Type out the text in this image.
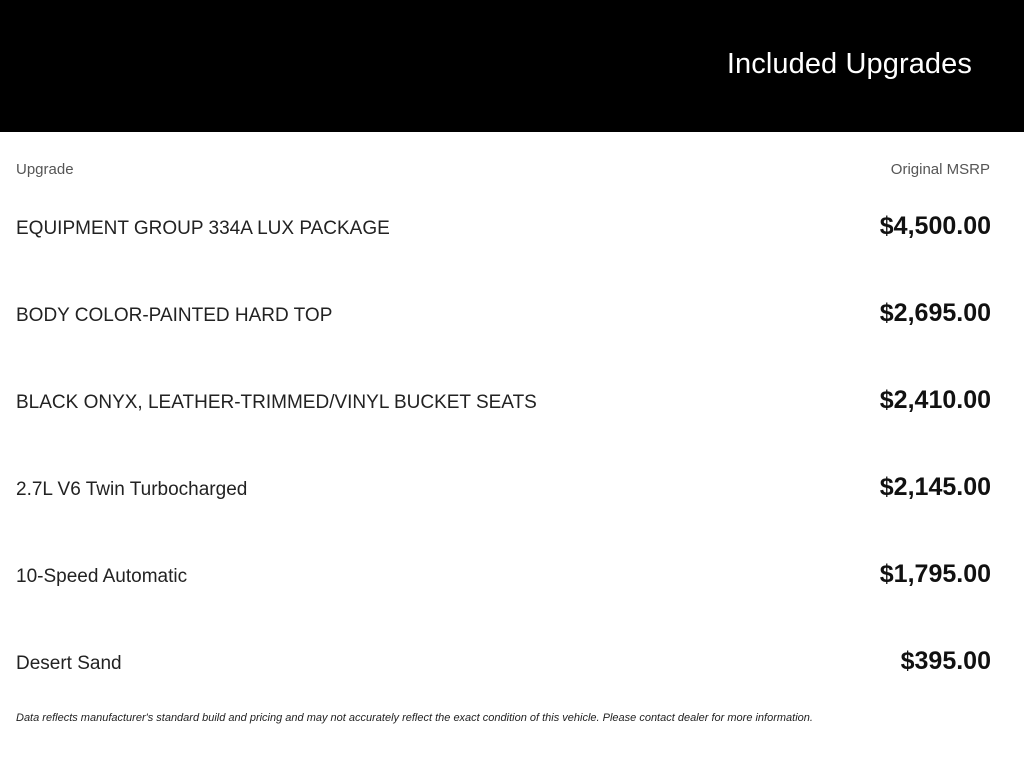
Included Upgrades
Upgrade	Original MSRP
EQUIPMENT GROUP 334A LUX PACKAGE	$4,500.00
BODY COLOR-PAINTED HARD TOP	$2,695.00
BLACK ONYX, LEATHER-TRIMMED/VINYL BUCKET SEATS	$2,410.00
2.7L V6 Twin Turbocharged	$2,145.00
10-Speed Automatic	$1,795.00
Desert Sand	$395.00
Data reflects manufacturer's standard build and pricing and may not accurately reflect the exact condition of this vehicle. Please contact dealer for more information.
